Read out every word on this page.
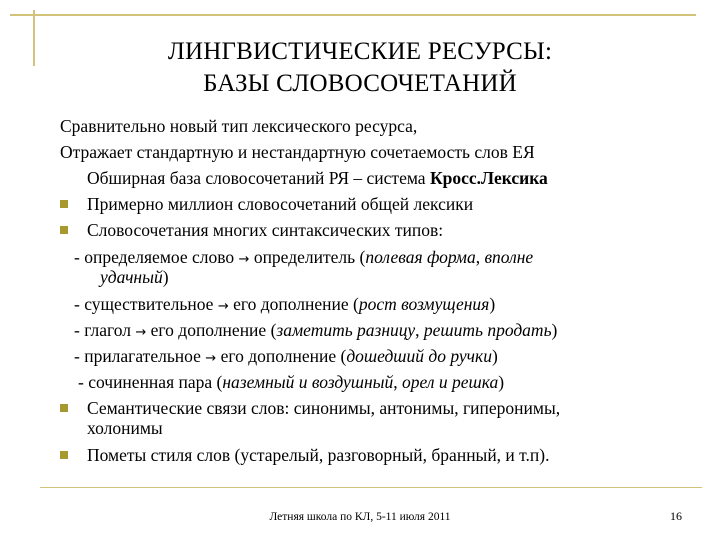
ЛИНГВИСТИЧЕСКИЕ РЕСУРСЫ:
БАЗЫ СЛОВОСОЧЕТАНИЙ
Сравнительно новый тип лексического ресурса,
Отражает стандартную и нестандартную сочетаемость слов ЕЯ
Обширная база словосочетаний РЯ – система Кросс.Лексика
Примерно миллион словосочетаний общей лексики
Словосочетания многих синтаксических типов:
- определяемое слово → определитель (полевая форма, вполне
удачный)
- существительное → его дополнение (рост возмущения)
- глагол → его дополнение (заметить разницу, решить продать)
- прилагательное → его дополнение (дошедший до ручки)
- сочиненная пара (наземный и воздушный, орел и решка)
Семантические связи слов: синонимы, антонимы, гиперонимы,
холонимы
Пометы стиля слов (устарелый, разговорный, бранный, и т.п).
Летняя школа по КЛ, 5-11 июля 2011	16
